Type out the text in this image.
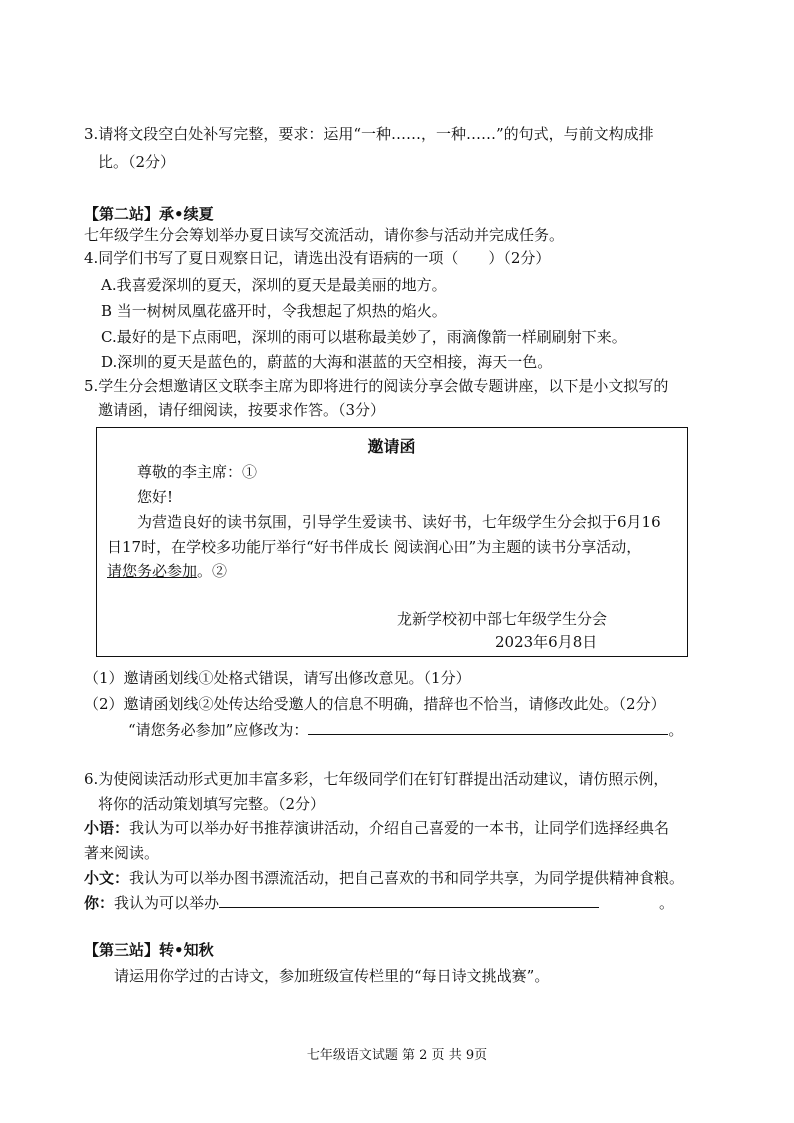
3.请将文段空白处补写完整，要求：运用“一种……，一种……”的句式，与前文构成排
比。（2分）
【第二站】承•续夏
七年级学生分会筹划举办夏日读写交流活动，请你参与活动并完成任务。
4.同学们书写了夏日观察日记，请选出没有语病的一项（　　）（2分）
A.我喜爱深圳的夏天，深圳的夏天是最美丽的地方。
B 当一树树凤凰花盛开时，令我想起了炽热的焰火。
C.最好的是下点雨吧，深圳的雨可以堪称最美妙了，雨滴像箭一样刷刷射下来。
D.深圳的夏天是蓝色的，蔚蓝的大海和湛蓝的天空相接，海天一色。
5.学生分会想邀请区文联李主席为即将进行的阅读分享会做专题讲座，以下是小文拟写的
邀请函，请仔细阅读，按要求作答。（3分）
邀请函
尊敬的李主席：①
您好!
为营造良好的读书氛围，引导学生爱读书、读好书，七年级学生分会拟于6月16
日17时，在学校多功能厅举行“好书伴成长 阅读润心田”为主题的读书分享活动，
请您务必参加。②
龙新学校初中部七年级学生分会
2023年6月8日
（1）邀请函划线①处格式错误，请写出修改意见。（1分）
（2）邀请函划线②处传达给受邀人的信息不明确，措辞也不恰当，请修改此处。（2分）
“请您务必参加”应修改为：	。
6.为使阅读活动形式更加丰富多彩，七年级同学们在钉钉群提出活动建议，请仿照示例，
将你的活动策划填写完整。（2分）
小语：我认为可以举办好书推荐演讲活动，介绍自己喜爱的一本书，让同学们选择经典名
著来阅读。
小文：我认为可以举办图书漂流活动，把自己喜欢的书和同学共享，为同学提供精神食粮。
你：我认为可以举办	。
【第三站】转•知秋
请运用你学过的古诗文，参加班级宣传栏里的“每日诗文挑战赛”。
七年级语文试题 第 2 页 共 9页
